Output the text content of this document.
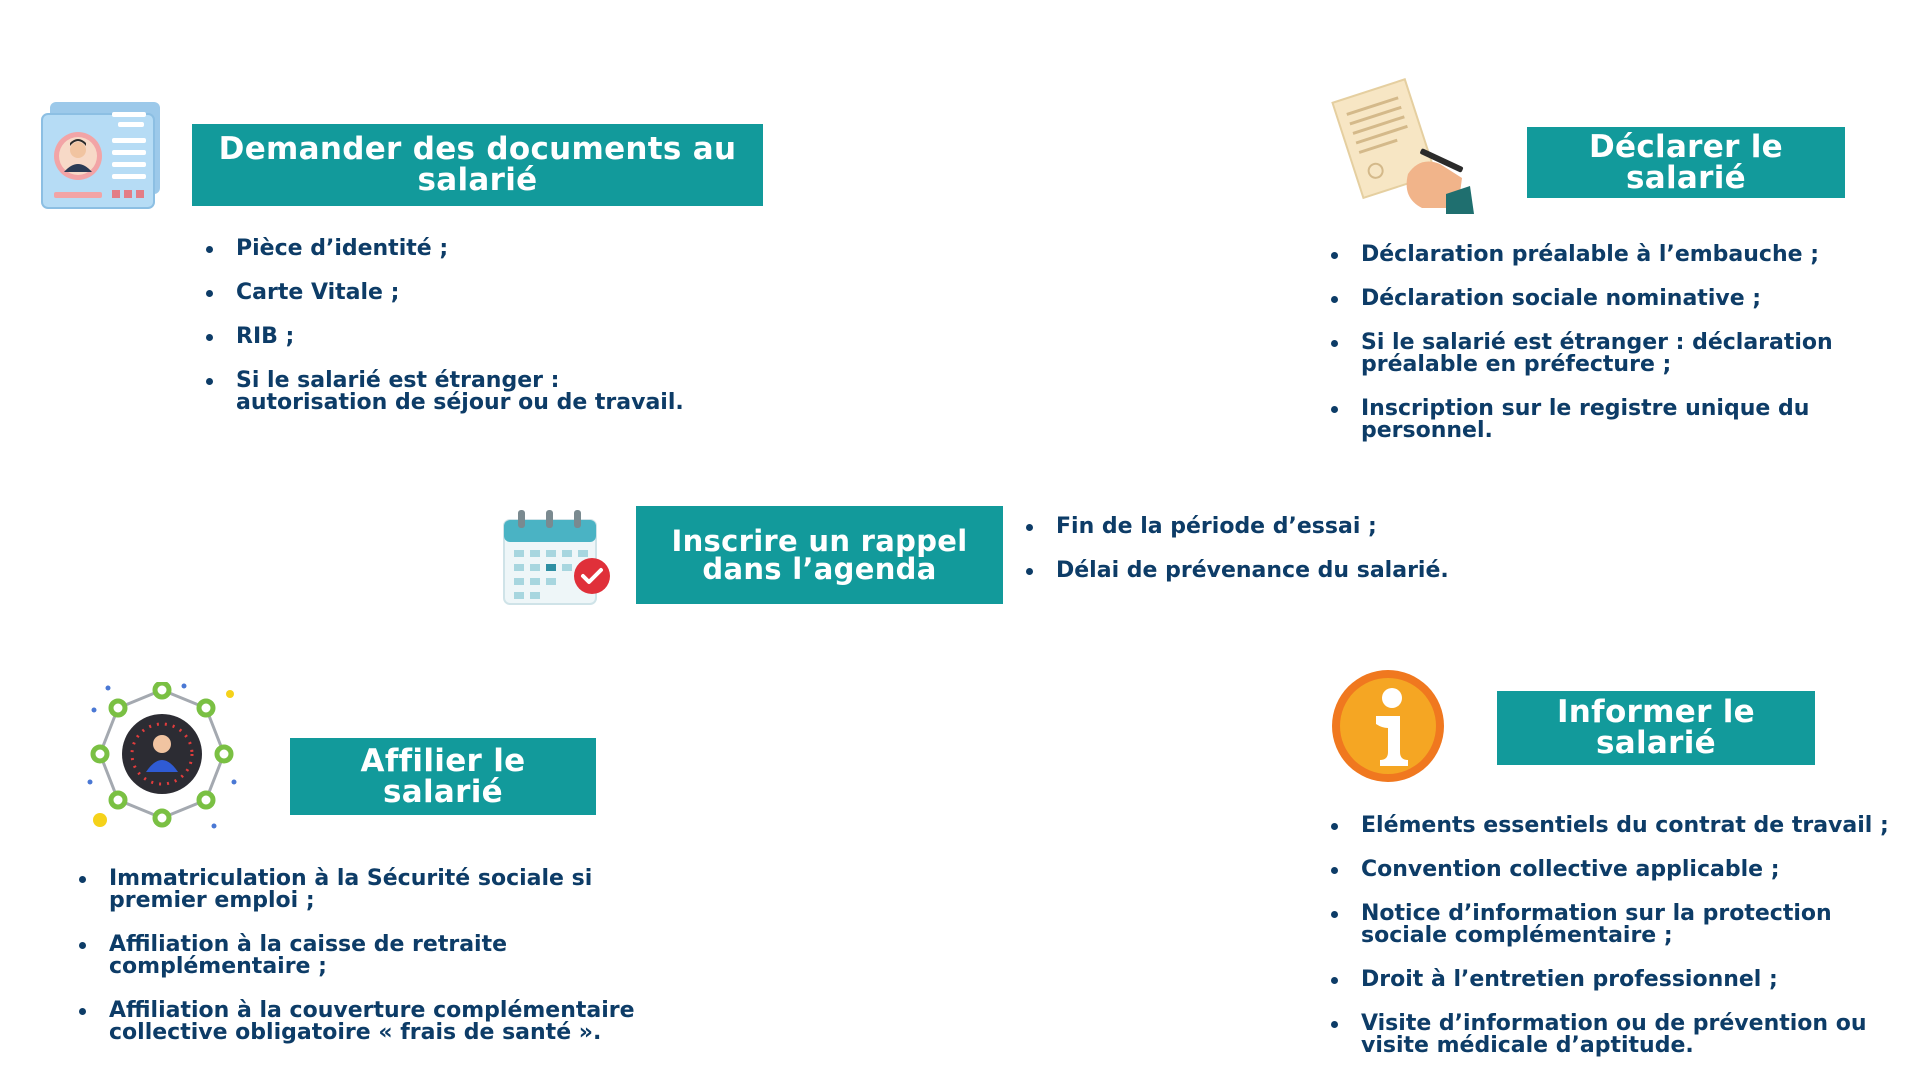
Demander des documents au salarié
Pièce d’identité ;
Carte Vitale ;
RIB ;
Si le salarié est étranger : autorisation de séjour ou de travail.
Déclarer le salarié
Déclaration préalable à l’embauche ;
Déclaration sociale nominative ;
Si le salarié est étranger : déclaration préalable en préfecture ;
Inscription sur le registre unique du personnel.
Inscrire un rappel dans l’agenda
Fin de la période d’essai ;
Délai de prévenance du salarié.
Affilier le salarié
Immatriculation à la Sécurité sociale si premier emploi ;
Affiliation à la caisse de retraite complémentaire ;
Affiliation à la couverture complémentaire collective obligatoire « frais de santé ».
Informer le salarié
Eléments essentiels du contrat de travail ;
Convention collective applicable ;
Notice d’information sur la protection sociale complémentaire ;
Droit à l’entretien professionnel ;
Visite d’information ou de prévention ou visite médicale d’aptitude.
